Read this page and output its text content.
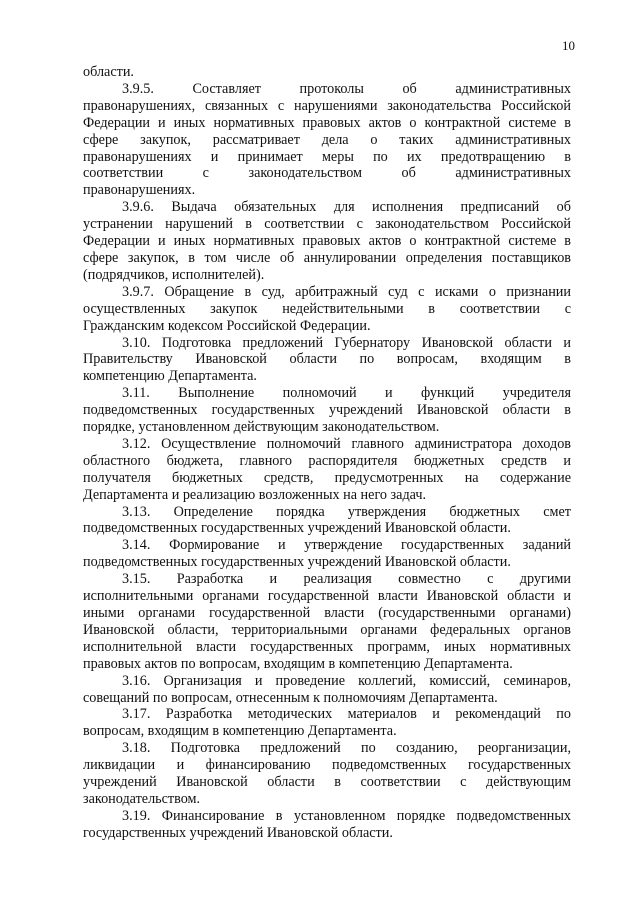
10
области.
3.9.5. Составляет протоколы об административных
правонарушениях, связанных с нарушениями законодательства Российской
Федерации и иных нормативных правовых актов о контрактной системе в
сфере закупок, рассматривает дела о таких административных
правонарушениях и принимает меры по их предотвращению в
соответствии с законодательством об административных
правонарушениях.
3.9.6. Выдача обязательных для исполнения предписаний об
устранении нарушений в соответствии с законодательством Российской
Федерации и иных нормативных правовых актов о контрактной системе в
сфере закупок, в том числе об аннулировании определения поставщиков
(подрядчиков, исполнителей).
3.9.7. Обращение в суд, арбитражный суд с исками о признании
осуществленных закупок недействительными в соответствии с
Гражданским кодексом Российской Федерации.
3.10. Подготовка предложений Губернатору Ивановской области и
Правительству Ивановской области по вопросам, входящим в
компетенцию Департамента.
3.11. Выполнение полномочий и функций учредителя
подведомственных государственных учреждений Ивановской области в
порядке, установленном действующим законодательством.
3.12. Осуществление полномочий главного администратора доходов
областного бюджета, главного распорядителя бюджетных средств и
получателя бюджетных средств, предусмотренных на содержание
Департамента и реализацию возложенных на него задач.
3.13. Определение порядка утверждения бюджетных смет
подведомственных государственных учреждений Ивановской области.
3.14. Формирование и утверждение государственных заданий
подведомственных государственных учреждений Ивановской области.
3.15. Разработка и реализация совместно с другими
исполнительными органами государственной власти Ивановской области и
иными органами государственной власти (государственными органами)
Ивановской области, территориальными органами федеральных органов
исполнительной власти государственных программ, иных нормативных
правовых актов по вопросам, входящим в компетенцию Департамента.
3.16. Организация и проведение коллегий, комиссий, семинаров,
совещаний по вопросам, отнесенным к полномочиям Департамента.
3.17. Разработка методических материалов и рекомендаций по
вопросам, входящим в компетенцию Департамента.
3.18. Подготовка предложений по созданию, реорганизации,
ликвидации и финансированию подведомственных государственных
учреждений Ивановской области в соответствии с действующим
законодательством.
3.19. Финансирование в установленном порядке подведомственных
государственных учреждений Ивановской области.
